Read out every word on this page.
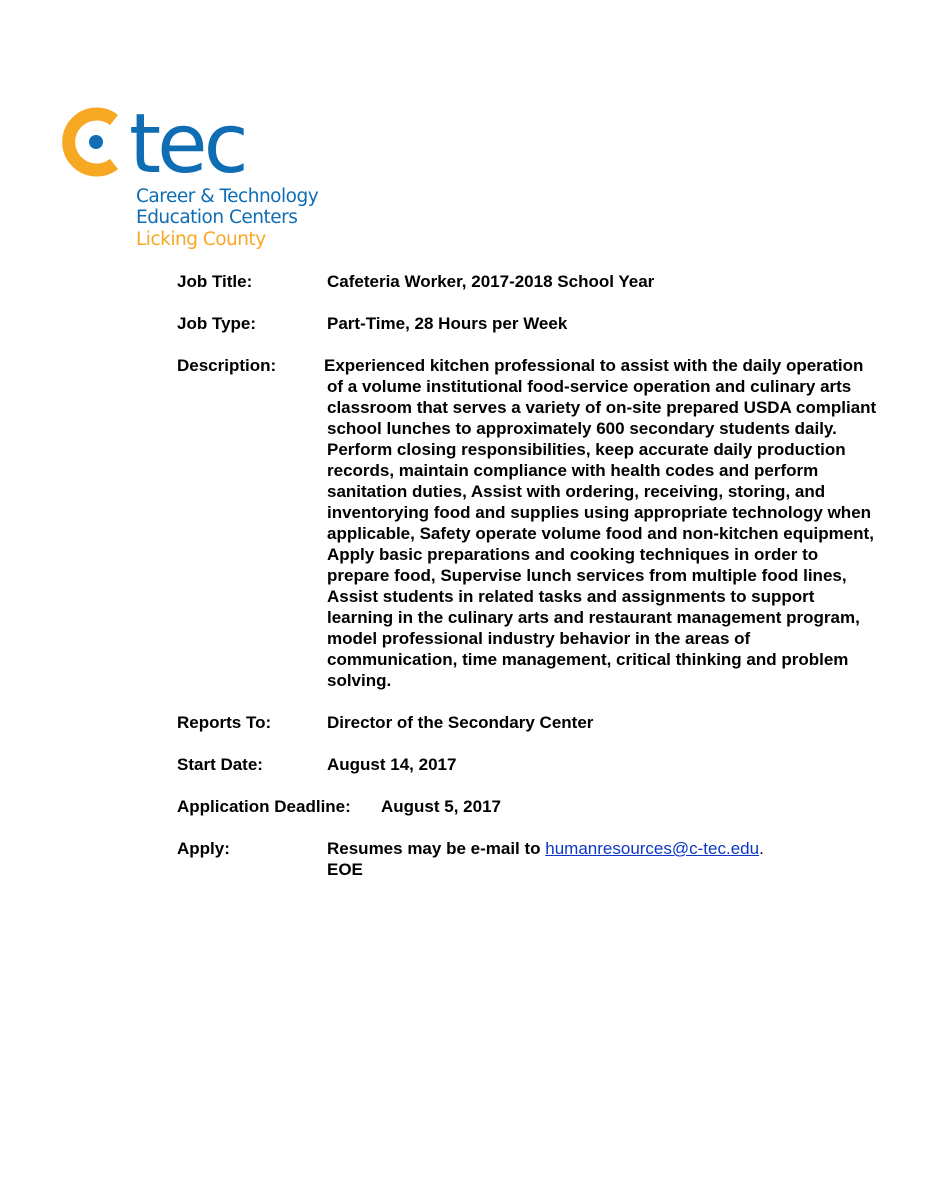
tec
Career & Technology
Education Centers
Licking County
Job Title:	Cafeteria Worker, 2017-2018 School Year
Job Type:	Part-Time, 28 Hours per Week
Description:	Experienced kitchen professional to assist with the daily operation of a volume institutional food-service operation and culinary arts classroom that serves a variety of on-site prepared USDA compliant school lunches to approximately 600 secondary students daily. Perform closing responsibilities, keep accurate daily production records, maintain compliance with health codes and perform sanitation duties, Assist with ordering, receiving, storing, and inventorying food and supplies using appropriate technology when applicable, Safety operate volume food and non-kitchen equipment, Apply basic preparations and cooking techniques in order to prepare food, Supervise lunch services from multiple food lines, Assist students in related tasks and assignments to support learning in the culinary arts and restaurant management program, model professional industry behavior in the areas of communication, time management, critical thinking and problem solving.
Reports To:	Director of the Secondary Center
Start Date:	August 14, 2017
Application Deadline: August 5, 2017
Apply:	Resumes may be e-mail to humanresources@c-tec.edu.
EOE
